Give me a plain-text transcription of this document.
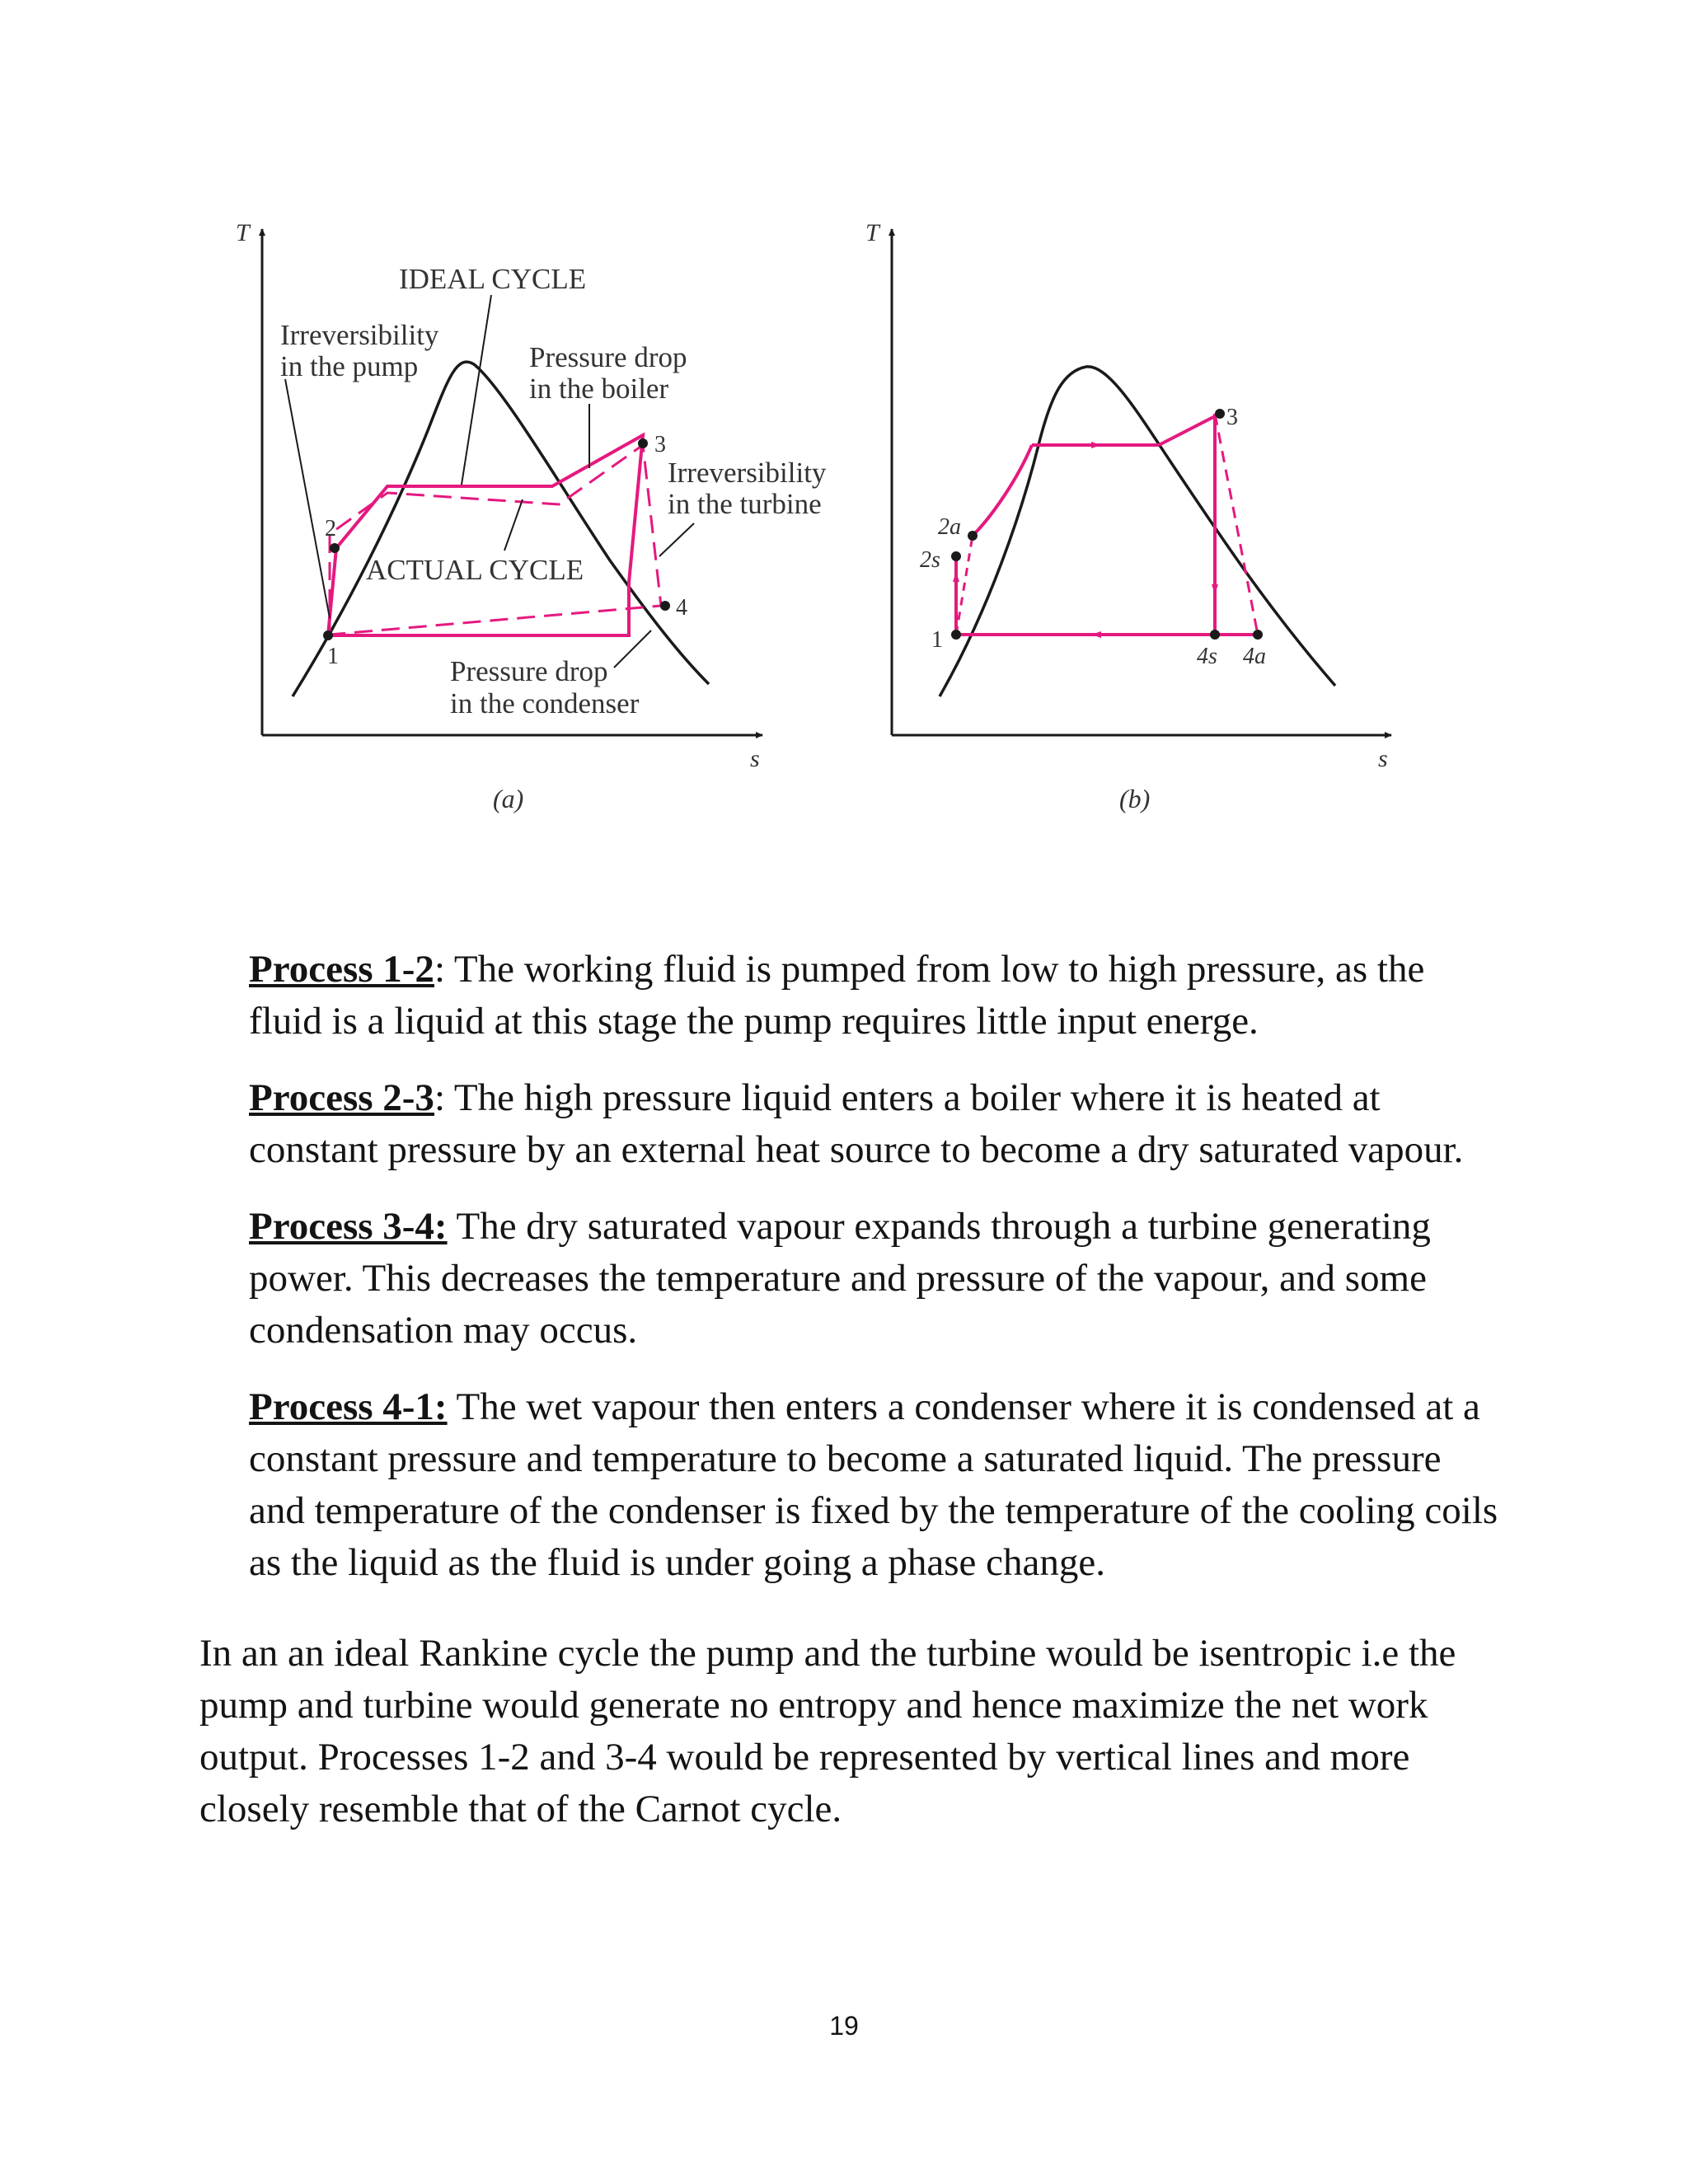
T
s
1
2
3
4
IDEAL CYCLE
Irreversibility
in the pump	Pressure drop
in the boiler
Irreversibility
in the turbine
ACTUAL CYCLE
Pressure drop
in the condenser
(a)
T
s
1
2a
2s
3
4s 4a
(b)

Process 1-2: The working fluid is pumped from low to high pressure, as the fluid is a liquid at this stage the pump requires little input energe.

Process 2-3: The high pressure liquid enters a boiler where it is heated at constant pressure by an external heat source to become a dry saturated vapour.

Process 3-4: The dry saturated vapour expands through a turbine generating power. This decreases the temperature and pressure of the vapour, and some condensation may occus.

Process 4-1: The wet vapour then enters a condenser where it is condensed at a constant pressure and temperature to become a saturated liquid. The pressure and temperature of the condenser is fixed by the temperature of the cooling coils as the liquid as the fluid is under going a phase change.

In an an ideal Rankine cycle the pump and the turbine would be isentropic i.e the pump and turbine would generate no entropy and hence maximize the net work output. Processes 1-2 and 3-4 would be represented by vertical lines and more closely resemble that of the Carnot cycle.

19
